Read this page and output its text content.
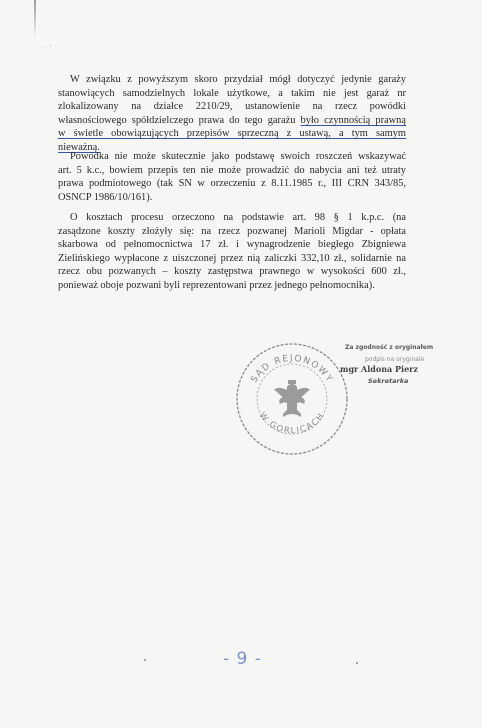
· '
W związku z powyższym skoro przydział mógł dotyczyć jedynie garaży
stanowiących samodzielnych lokale użytkowe, a takim nie jest garaż nr
zlokalizowany na działce 2210/29, ustanowienie na rzecz powódki
własnościowego spółdzielczego prawa do tego garażu było czynnością prawną
w świetle obowiązujących przepisów sprzeczną z ustawą, a tym samym
nieważną.
Powódka nie może skutecznie jako podstawę swoich roszczeń wskazywać
art. 5 k.c., bowiem przepis ten nie może prowadzić do nabycia ani też utraty
prawa podmiotowego (tak SN w orzeczeniu z 8.11.1985 r., III CRN 343/85,
OSNCP 1986/10/161).
O kosztach procesu orzeczono na podstawie art. 98 § 1 k.p.c. (na
zasądzone koszty złożyły się: na rzecz pozwanej Marioli Migdar - opłata
skarbowa od pełnomocnictwa 17 zł. i wynagrodzenie biegłego Zbigniewa
Zielińskiego wypłacone z uiszczonej przez nią zaliczki 332,10 zł., solidarnie na
rzecz obu pozwanych – koszty zastępstwa prawnego w wysokości 600 zł.,
ponieważ oboje pozwani byli reprezentowani przez jednego pełnomocnika).
SĄD REJONOWY
W GORLICACH
Za zgodność z oryginałem
podpis na oryginale
mgr Aldona Pierz
Sekretarka
- 9 -
